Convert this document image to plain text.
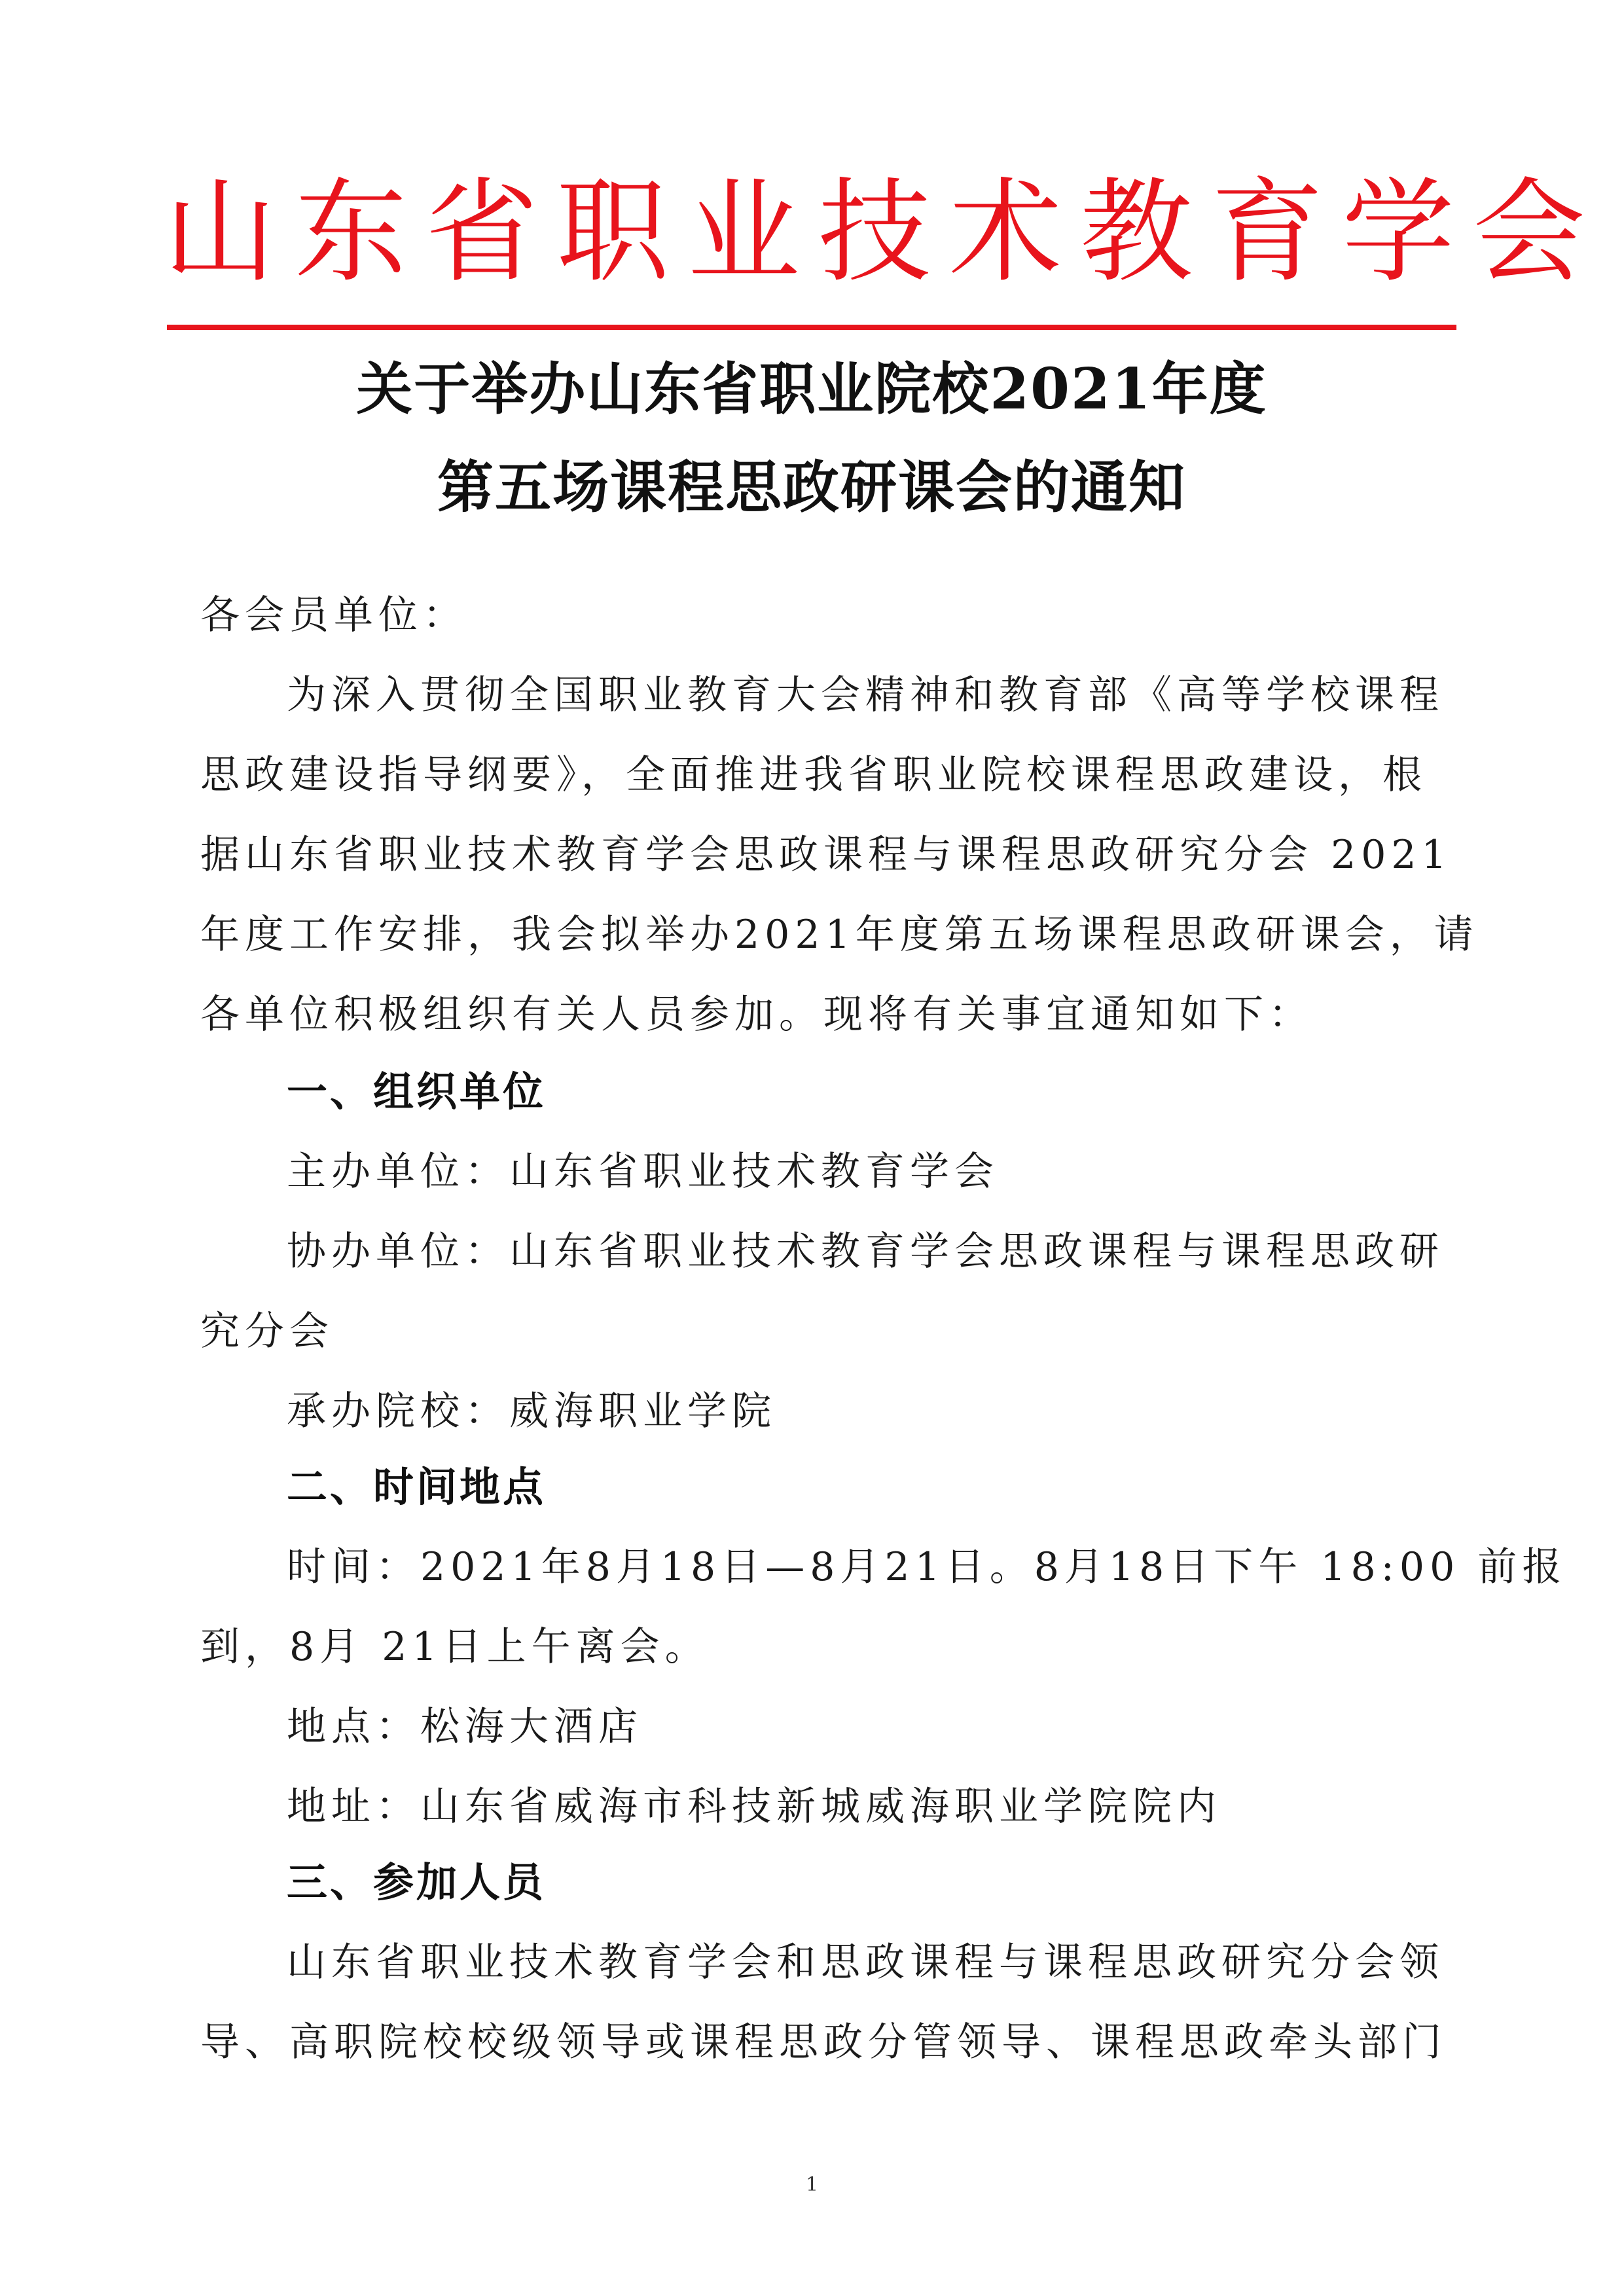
山东省职业技术教育学会
关于举办山东省职业院校2021年度
第五场课程思政研课会的通知
各会员单位：
为深入贯彻全国职业教育大会精神和教育部《高等学校课程
思政建设指导纲要》，全面推进我省职业院校课程思政建设，根
据山东省职业技术教育学会思政课程与课程思政研究分会 2021
年度工作安排，我会拟举办2021年度第五场课程思政研课会，请
各单位积极组织有关人员参加。现将有关事宜通知如下：
一、组织单位
主办单位：山东省职业技术教育学会
协办单位：山东省职业技术教育学会思政课程与课程思政研
究分会
承办院校：威海职业学院
二、时间地点
时间：2021年8月18日—8月21日。8月18日下午 18:00 前报
到，8月 21日上午离会。
地点：松海大酒店
地址：山东省威海市科技新城威海职业学院院内
三、参加人员
山东省职业技术教育学会和思政课程与课程思政研究分会领
导、高职院校校级领导或课程思政分管领导、课程思政牵头部门
1
